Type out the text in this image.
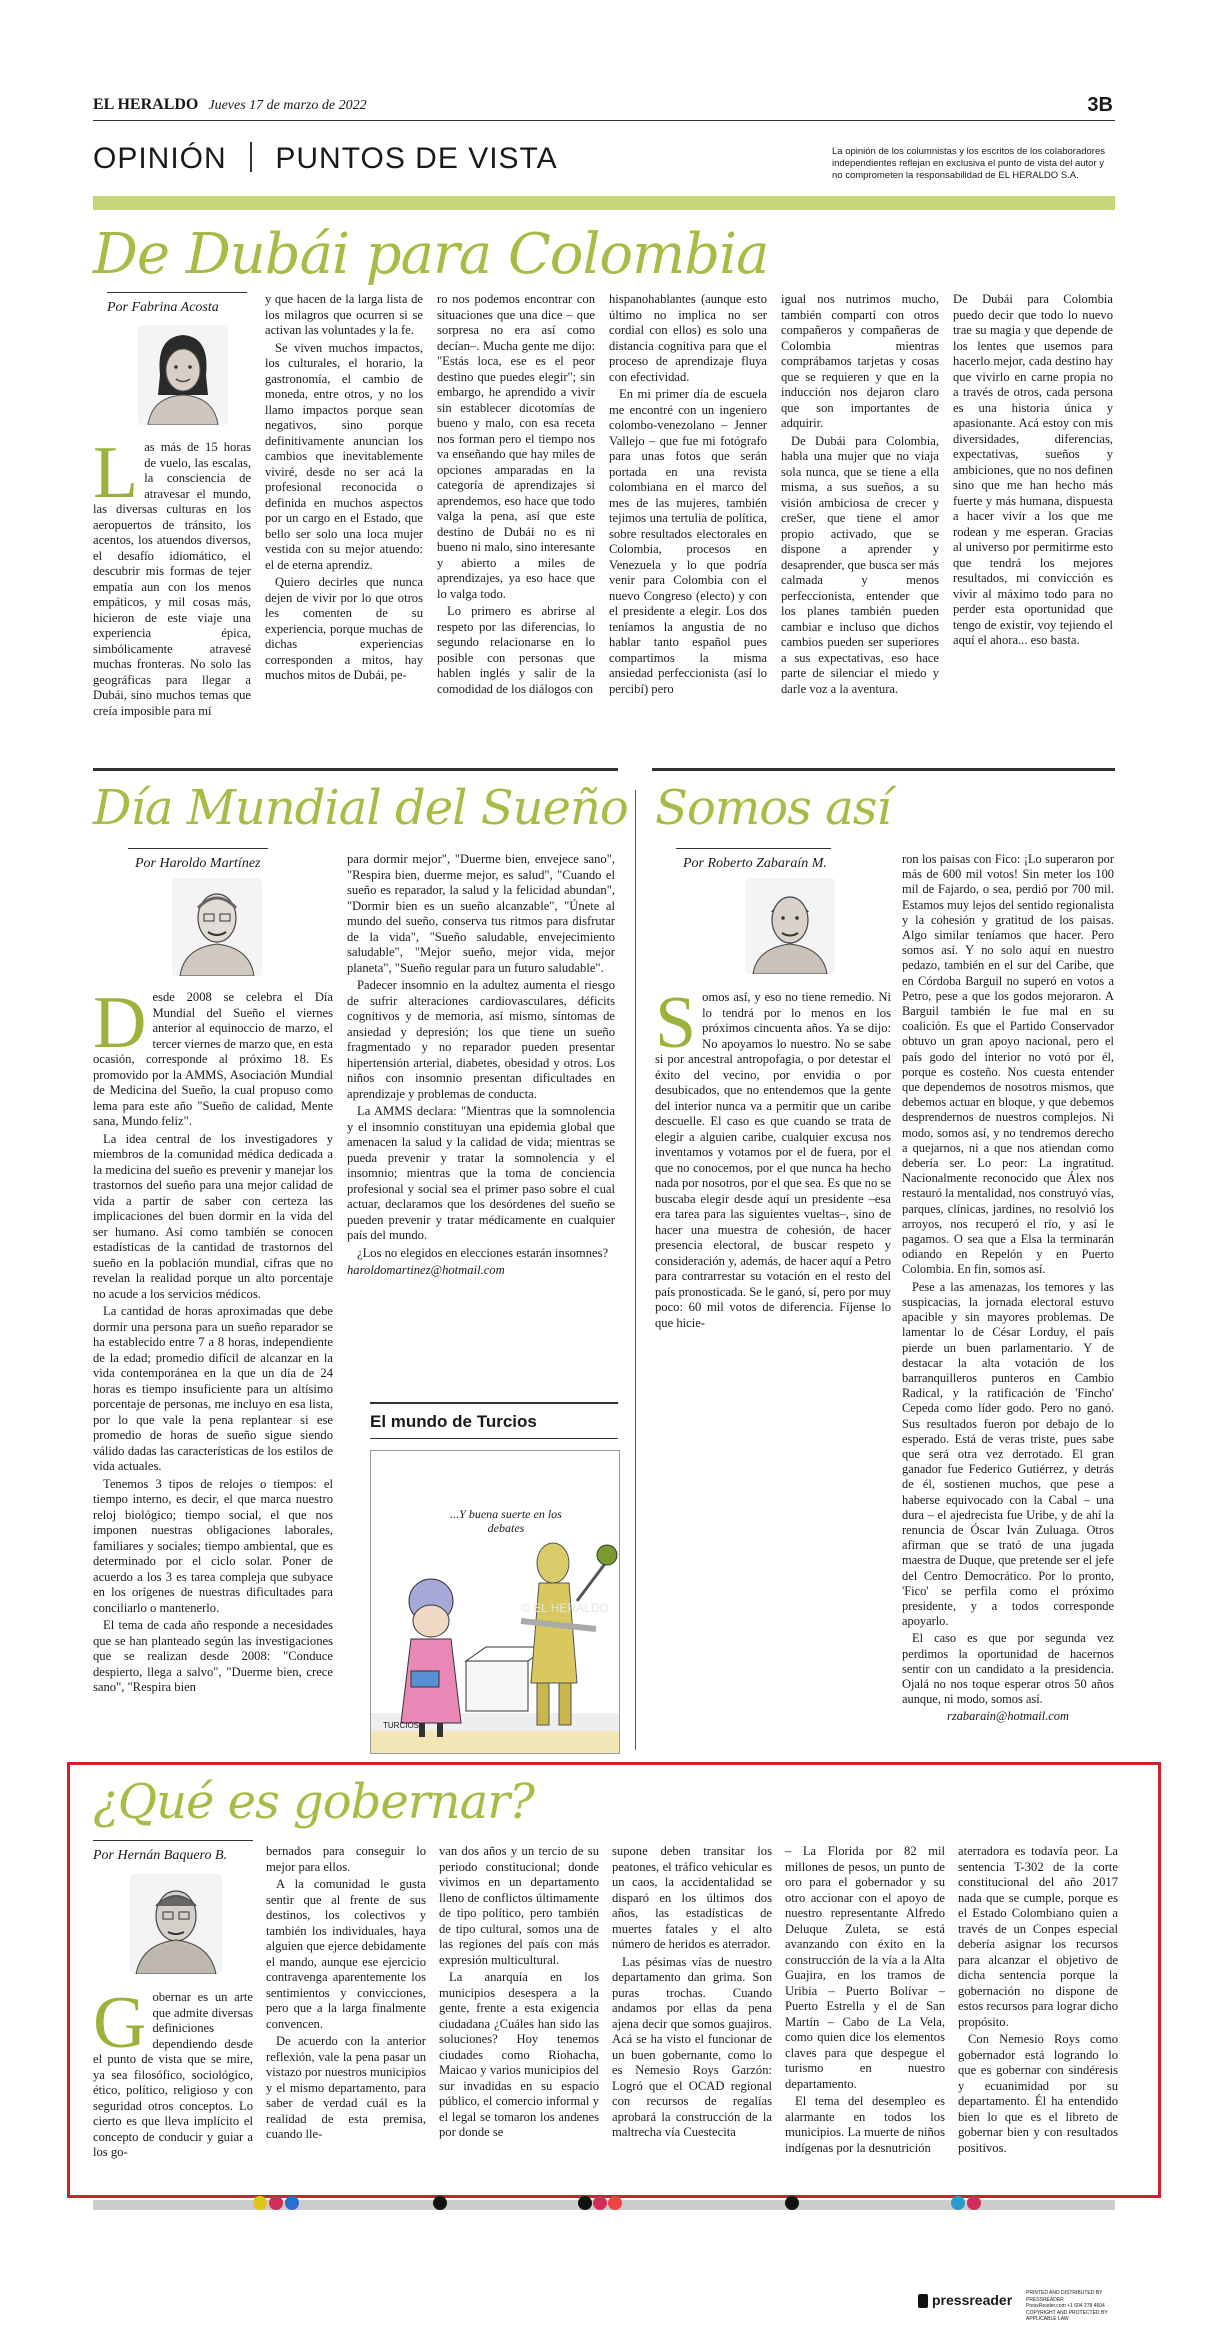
EL HERALDO Jueves 17 de marzo de 2022	3B
OPINIÓN PUNTOS DE VISTA	La opinión de los columnistas y los escritos de los colaboradores independientes reflejan en exclusiva el punto de vista del autor y no comprometen la responsabilidad de EL HERALDO S.A.
De Dubái para Colombia
Por Fabrina Acosta
L as más de 15 horas de vuelo, las escalas, la consciencia de atravesar el mundo, las diversas culturas en los aeropuertos de tránsito, los acentos, los atuendos diversos, el desafío idiomático, el descubrir mis formas de tejer empatía aun con los menos empáticos, y mil cosas más, hicieron de este viaje una experiencia épica, simbólicamente atravesé muchas fronteras. No solo las geográficas para llegar a Dubái, sino muchos temas que creía imposible para mí

y que hacen de la larga lista de los milagros que ocurren si se activan las voluntades y la fe.

Se viven muchos impactos, los culturales, el horario, la gastronomía, el cambio de moneda, entre otros, y no los llamo impactos porque sean negativos, sino porque definitivamente anuncian los cambios que inevitablemente viviré, desde no ser acá la profesional reconocida o definida en muchos aspectos por un cargo en el Estado, que bello ser solo una loca mujer vestida con su mejor atuendo: el de eterna aprendiz.

Quiero decirles que nunca dejen de vivir por lo que otros les comenten de su experiencia, porque muchas de dichas experiencias corresponden a mitos, hay muchos mitos de Dubái, pe-

ro nos podemos encontrar con situaciones que una dice – que sorpresa no era así como decían–. Mucha gente me dijo: "Estás loca, ese es el peor destino que puedes elegir"; sin embargo, he aprendido a vivir sin establecer dicotomías de bueno y malo, con esa receta nos forman pero el tiempo nos va enseñando que hay miles de opciones amparadas en la categoría de aprendizajes si aprendemos, eso hace que todo valga la pena, así que este destino de Dubái no es ni bueno ni malo, sino interesante y abierto a miles de aprendizajes, ya eso hace que lo valga todo.

Lo primero es abrirse al respeto por las diferencias, lo segundo relacionarse en lo posible con personas que hablen inglés y salir de la comodidad de los diálogos con

hispanohablantes (aunque esto último no implica no ser cordial con ellos) es solo una distancia cognitiva para que el proceso de aprendizaje fluya con efectividad.

En mi primer día de escuela me encontré con un ingeniero colombo-venezolano – Jenner Vallejo – que fue mi fotógrafo para unas fotos que serán portada en una revista colombiana en el marco del mes de las mujeres, también tejimos una tertulia de política, sobre resultados electorales en Colombia, procesos en Venezuela y lo que podría venir para Colombia con el nuevo Congreso (electo) y con el presidente a elegir. Los dos teníamos la angustia de no hablar tanto español pues compartimos la misma ansiedad perfeccionista (así lo percibí) pero

igual nos nutrimos mucho, también compartí con otros compañeros y compañeras de Colombia mientras comprábamos tarjetas y cosas que se requieren y que en la inducción nos dejaron claro que son importantes de adquirir.

De Dubái para Colombia, habla una mujer que no viaja sola nunca, que se tiene a ella misma, a sus sueños, a su visión ambiciosa de crecer y creSer, que tiene el amor propio activado, que se dispone a aprender y desaprender, que busca ser más calmada y menos perfeccionista, entender que los planes también pueden cambiar e incluso que dichos cambios pueden ser superiores a sus expectativas, eso hace parte de silenciar el miedo y darle voz a la aventura.

De Dubái para Colombia puedo decir que todo lo nuevo trae su magia y que depende de los lentes que usemos para hacerlo mejor, cada destino hay que vivirlo en carne propia no a través de otros, cada persona es una historia única y apasionante. Acá estoy con mis diversidades, diferencias, expectativas, sueños y ambiciones, que no nos definen sino que me han hecho más fuerte y más humana, dispuesta a hacer vivir a los que me rodean y me esperan. Gracias al universo por permitirme esto que tendrá los mejores resultados, mi convicción es vivir al máximo todo para no perder esta oportunidad que tengo de existir, voy tejiendo el aquí el ahora... eso basta.

Día Mundial del Sueño
Por Haroldo Martínez
D esde 2008 se celebra el Día Mundial del Sueño el viernes anterior al equinoccio de marzo, el tercer viernes de marzo que, en esta ocasión, corresponde al próximo 18. Es promovido por la AMMS, Asociación Mundial de Medicina del Sueño, la cual propuso como lema para este año "Sueño de calidad, Mente sana, Mundo feliz".

La idea central de los investigadores y miembros de la comunidad médica dedicada a la medicina del sueño es prevenir y manejar los trastornos del sueño para una mejor calidad de vida a partir de saber con certeza las implicaciones del buen dormir en la vida del ser humano. Así como también se conocen estadísticas de la cantidad de trastornos del sueño en la población mundial, cifras que no revelan la realidad porque un alto porcentaje no acude a los servicios médicos.

La cantidad de horas aproximadas que debe dormir una persona para un sueño reparador se ha establecido entre 7 a 8 horas, independiente de la edad; promedio difícil de alcanzar en la vida contemporánea en la que un día de 24 horas es tiempo insuficiente para un altísimo porcentaje de personas, me incluyo en esa lista, por lo que vale la pena replantear si ese promedio de horas de sueño sigue siendo válido dadas las características de los estilos de vida actuales.

Tenemos 3 tipos de relojes o tiempos: el tiempo interno, es decir, el que marca nuestro reloj biológico; tiempo social, el que nos imponen nuestras obligaciones laborales, familiares y sociales; tiempo ambiental, que es determinado por el ciclo solar. Poner de acuerdo a los 3 es tarea compleja que subyace en los orígenes de nuestras dificultades para conciliarlo o mantenerlo.

El tema de cada año responde a necesidades que se han planteado según las investigaciones que se realizan desde 2008: "Conduce despierto, llega a salvo", "Duerme bien, crece sano", "Respira bien

para dormir mejor", "Duerme bien, envejece sano", "Respira bien, duerme mejor, es salud", "Cuando el sueño es reparador, la salud y la felicidad abundan", "Dormir bien es un sueño alcanzable", "Únete al mundo del sueño, conserva tus ritmos para disfrutar de la vida", "Sueño saludable, envejecimiento saludable", "Mejor sueño, mejor vida, mejor planeta", "Sueño regular para un futuro saludable".

Padecer insomnio en la adultez aumenta el riesgo de sufrir alteraciones cardiovasculares, déficits cognitivos y de memoria, así mismo, síntomas de ansiedad y depresión; los que tiene un sueño fragmentado y no reparador pueden presentar hipertensión arterial, diabetes, obesidad y otros. Los niños con insomnio presentan dificultades en aprendizaje y problemas de conducta.

La AMMS declara: "Mientras que la somnolencia y el insomnio constituyan una epidemia global que amenacen la salud y la calidad de vida; mientras se pueda prevenir y tratar la somnolencia y el insomnio; mientras que la toma de conciencia profesional y social sea el primer paso sobre el cual actuar, declaramos que los desórdenes del sueño se pueden prevenir y tratar médicamente en cualquier país del mundo.

¿Los no elegidos en elecciones estarán insomnes?

haroldomartinez@hotmail.com

El mundo de Turcios
...Y buena suerte en los debates
TURCIOS
© EL HERALDO
Somos así
Por Roberto Zabaraín M.
S omos así, y eso no tiene remedio. Ni lo tendrá por lo menos en los próximos cincuenta años. Ya se dijo: No apoyamos lo nuestro. No se sabe si por ancestral antropofagia, o por detestar el éxito del vecino, por envidia o por desubicados, que no entendemos que la gente del interior nunca va a permitir que un caribe descuelle. El caso es que cuando se trata de elegir a alguien caribe, cualquier excusa nos inventamos y votamos por el de fuera, por el que no conocemos, por el que nunca ha hecho nada por nosotros, por el que sea. Es que no se buscaba elegir desde aquí un presidente –esa era tarea para las siguientes vueltas–, sino de hacer una muestra de cohesión, de hacer presencia electoral, de buscar respeto y consideración y, además, de hacer aquí a Petro para contrarrestar su votación en el resto del país pronosticada. Se le ganó, sí, pero por muy poco: 60 mil votos de diferencia. Fíjense lo que hicie-

ron los paisas con Fico: ¡Lo superaron por más de 600 mil votos! Sin meter los 100 mil de Fajardo, o sea, perdió por 700 mil. Estamos muy lejos del sentido regionalista y la cohesión y gratitud de los paisas. Algo similar teníamos que hacer. Pero somos así. Y no solo aquí en nuestro pedazo, también en el sur del Caribe, que en Córdoba Barguil no superó en votos a Petro, pese a que los godos mejoraron. A Barguil también le fue mal en su coalición. Es que el Partido Conservador obtuvo un gran apoyo nacional, pero el país godo del interior no votó por él, porque es costeño. Nos cuesta entender que dependemos de nosotros mismos, que debemos actuar en bloque, y que debemos desprendernos de nuestros complejos. Ni modo, somos así, y no tendremos derecho a quejarnos, ni a que nos atiendan como debería ser. Lo peor: La ingratitud. Nacionalmente reconocido que Álex nos restauró la mentalidad, nos construyó vías, parques, clínicas, jardines, no resolvió los arroyos, nos recuperó el río, y así le pagamos. O sea que a Elsa la terminarán odiando en Repelón y en Puerto Colombia. En fin, somos así.

Pese a las amenazas, los temores y las suspicacias, la jornada electoral estuvo apacible y sin mayores problemas. De lamentar lo de César Lorduy, el país pierde un buen parlamentario. Y de destacar la alta votación de los barranquilleros punteros en Cambio Radical, y la ratificación de 'Fincho' Cepeda como líder godo. Pero no ganó. Sus resultados fueron por debajo de lo esperado. Está de veras triste, pues sabe que será otra vez derrotado. El gran ganador fue Federico Gutiérrez, y detrás de él, sostienen muchos, que pese a haberse equivocado con la Cabal – una dura – el ajedrecista fue Uribe, y de ahí la renuncia de Óscar Iván Zuluaga. Otros afirman que se trató de una jugada maestra de Duque, que pretende ser el jefe del Centro Democrático. Por lo pronto, 'Fico' se perfila como el próximo presidente, y a todos corresponde apoyarlo.

El caso es que por segunda vez perdimos la oportunidad de hacernos sentir con un candidato a la presidencia. Ojalá no nos toque esperar otros 50 años aunque, ni modo, somos así.

rzabarain@hotmail.com

¿Qué es gobernar?
Por Hernán Baquero B.
G obernar es un arte que admite diversas definiciones dependiendo desde el punto de vista que se mire, ya sea filosófico, sociológico, ético, político, religioso y con seguridad otros conceptos. Lo cierto es que lleva implícito el concepto de conducir y guiar a los go-

bernados para conseguir lo mejor para ellos.

A la comunidad le gusta sentir que al frente de sus destinos, los colectivos y también los individuales, haya alguien que ejerce debidamente el mando, aunque ese ejercicio contravenga aparentemente los sentimientos y convicciones, pero que a la larga finalmente convencen.

De acuerdo con la anterior reflexión, vale la pena pasar un vistazo por nuestros municipios y el mismo departamento, para saber de verdad cuál es la realidad de esta premisa, cuando lle-

van dos años y un tercio de su periodo constitucional; donde vivimos en un departamento lleno de conflictos últimamente de tipo político, pero también de tipo cultural, somos una de las regiones del país con más expresión multicultural.

La anarquía en los municipios desespera a la gente, frente a esta exigencia ciudadana ¿Cuáles han sido las soluciones? Hoy tenemos ciudades como Riohacha, Maicao y varios municipios del sur invadidas en su espacio público, el comercio informal y el legal se tomaron los andenes por donde se

supone deben transitar los peatones, el tráfico vehicular es un caos, la accidentalidad se disparó en los últimos dos años, las estadísticas de muertes fatales y el alto número de heridos es aterrador.

Las pésimas vías de nuestro departamento dan grima. Son puras trochas. Cuando andamos por ellas da pena ajena decir que somos guajiros. Acá se ha visto el funcionar de un buen gobernante, como lo es Nemesio Roys Garzón: Logró que el OCAD regional con recursos de regalías aprobará la construcción de la maltrecha vía Cuestecita

– La Florida por 82 mil millones de pesos, un punto de oro para el gobernador y su otro accionar con el apoyo de nuestro representante Alfredo Deluque Zuleta, se está avanzando con éxito en la construcción de la vía a la Alta Guajira, en los tramos de Uribia – Puerto Bolívar – Puerto Estrella y el de San Martín – Cabo de La Vela, como quien dice los elementos claves para que despegue el turismo en nuestro departamento.

El tema del desempleo es alarmante en todos los municipios. La muerte de niños indígenas por la desnutrición

aterradora es todavía peor. La sentencia T-302 de la corte constitucional del año 2017 nada que se cumple, porque es el Estado Colombiano quien a través de un Conpes especial debería asignar los recursos para alcanzar el objetivo de dicha sentencia porque la gobernación no dispone de estos recursos para lograr dicho propósito.

Con Nemesio Roys como gobernador está logrando lo que es gobernar con sindéresis y ecuanimidad por su departamento. Él ha entendido bien lo que es el libreto de gobernar bien y con resultados positivos.

pressreader	PRINTED AND DISTRIBUTED BY PRESSREADER
PressReader.com +1 604 278 4604
COPYRIGHT AND PROTECTED BY APPLICABLE LAW
